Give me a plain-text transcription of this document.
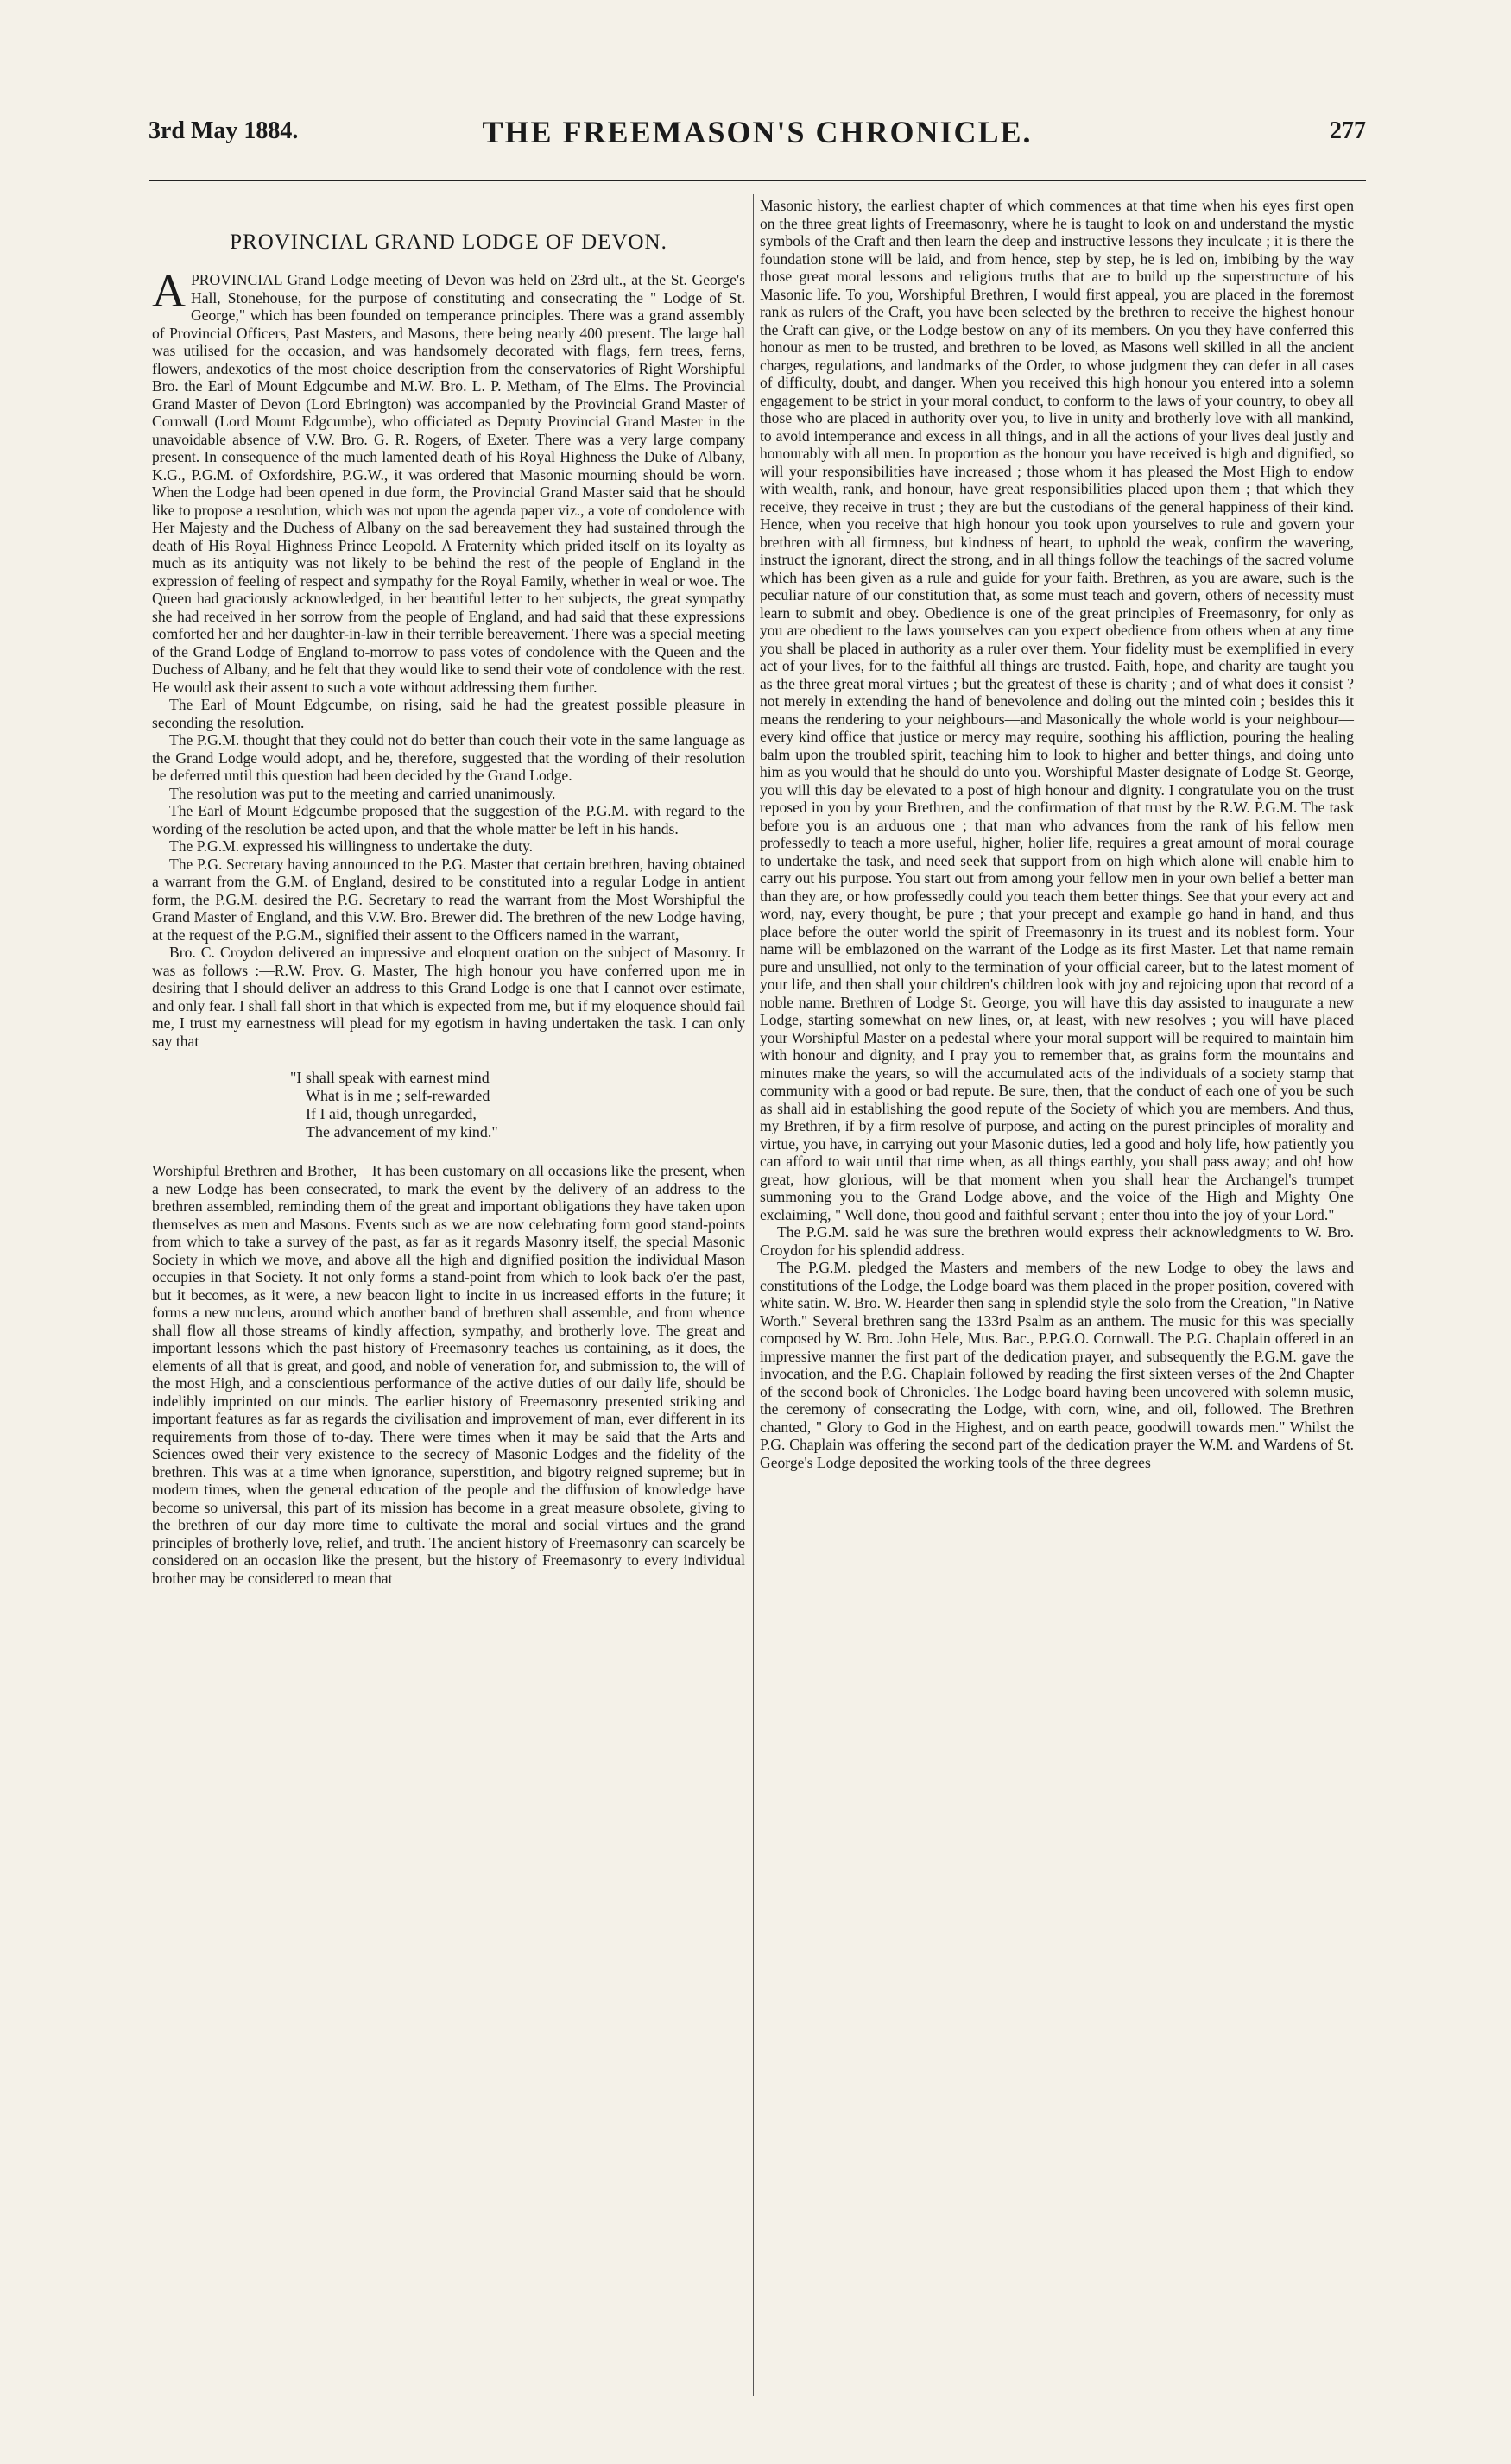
3rd May 1884.	THE FREEMASON'S CHRONICLE.	277
PROVINCIAL GRAND LODGE OF DEVON.

A PROVINCIAL Grand Lodge meeting of Devon was held on 23rd ult., at the St. George's Hall, Stonehouse, for the purpose of constituting and consecrating the " Lodge of St. George," which has been founded on temperance principles. There was a grand assembly of Provincial Officers, Past Masters, and Masons, there being nearly 400 present. The large hall was utilised for the occasion, and was handsomely decorated with flags, fern trees, ferns, flowers, andexotics of the most choice description from the conservatories of Right Worshipful Bro. the Earl of Mount Edgcumbe and M.W. Bro. L. P. Metham, of The Elms. The Provincial Grand Master of Devon (Lord Ebrington) was accompanied by the Provincial Grand Master of Cornwall (Lord Mount Edgcumbe), who officiated as Deputy Provincial Grand Master in the unavoidable absence of V.W. Bro. G. R. Rogers, of Exeter. There was a very large company present. In consequence of the much lamented death of his Royal Highness the Duke of Albany, K.G., P.G.M. of Oxfordshire, P.G.W., it was ordered that Masonic mourning should be worn. When the Lodge had been opened in due form, the Provincial Grand Master said that he should like to propose a resolution, which was not upon the agenda paper viz., a vote of condolence with Her Majesty and the Duchess of Albany on the sad bereavement they had sustained through the death of His Royal Highness Prince Leopold. A Fraternity which prided itself on its loyalty as much as its antiquity was not likely to be behind the rest of the people of England in the expression of feeling of respect and sympathy for the Royal Family, whether in weal or woe. The Queen had graciously acknowledged, in her beautiful letter to her subjects, the great sympathy she had received in her sorrow from the people of England, and had said that these expressions comforted her and her daughter-in-law in their terrible bereavement. There was a special meeting of the Grand Lodge of England to-morrow to pass votes of condolence with the Queen and the Duchess of Albany, and he felt that they would like to send their vote of condolence with the rest. He would ask their assent to such a vote without addressing them further.

The Earl of Mount Edgcumbe, on rising, said he had the greatest possible pleasure in seconding the resolution.

The P.G.M. thought that they could not do better than couch their vote in the same language as the Grand Lodge would adopt, and he, therefore, suggested that the wording of their resolution be deferred until this question had been decided by the Grand Lodge.

The resolution was put to the meeting and carried unanimously.

The Earl of Mount Edgcumbe proposed that the suggestion of the P.G.M. with regard to the wording of the resolution be acted upon, and that the whole matter be left in his hands.

The P.G.M. expressed his willingness to undertake the duty.

The P.G. Secretary having announced to the P.G. Master that certain brethren, having obtained a warrant from the G.M. of England, desired to be constituted into a regular Lodge in antient form, the P.G.M. desired the P.G. Secretary to read the warrant from the Most Worshipful the Grand Master of England, and this V.W. Bro. Brewer did. The brethren of the new Lodge having, at the request of the P.G.M., signified their assent to the Officers named in the warrant,

Bro. C. Croydon delivered an impressive and eloquent oration on the subject of Masonry. It was as follows :—R.W. Prov. G. Master, The high honour you have conferred upon me in desiring that I should deliver an address to this Grand Lodge is one that I cannot over estimate, and only fear. I shall fall short in that which is expected from me, but if my eloquence should fail me, I trust my earnestness will plead for my egotism in having undertaken the task. I can only say that

"I shall speak with earnest mind
What is in me ; self-rewarded
If I aid, though unregarded,
The advancement of my kind."

Worshipful Brethren and Brother,—It has been customary on all occasions like the present, when a new Lodge has been consecrated, to mark the event by the delivery of an address to the brethren assembled, reminding them of the great and important obligations they have taken upon themselves as men and Masons. Events such as we are now celebrating form good stand-points from which to take a survey of the past, as far as it regards Masonry itself, the special Masonic Society in which we move, and above all the high and dignified position the individual Mason occupies in that Society. It not only forms a stand-point from which to look back o'er the past, but it becomes, as it were, a new beacon light to incite in us increased efforts in the future; it forms a new nucleus, around which another band of brethren shall assemble, and from whence shall flow all those streams of kindly affection, sympathy, and brotherly love. The great and important lessons which the past history of Freemasonry teaches us containing, as it does, the elements of all that is great, and good, and noble of veneration for, and submission to, the will of the most High, and a conscientious performance of the active duties of our daily life, should be indelibly imprinted on our minds. The earlier history of Freemasonry presented striking and important features as far as regards the civilisation and improvement of man, ever different in its requirements from those of to-day. There were times when it may be said that the Arts and Sciences owed their very existence to the secrecy of Masonic Lodges and the fidelity of the brethren. This was at a time when ignorance, superstition, and bigotry reigned supreme; but in modern times, when the general education of the people and the diffusion of knowledge have become so universal, this part of its mission has become in a great measure obsolete, giving to the brethren of our day more time to cultivate the moral and social virtues and the grand principles of brotherly love, relief, and truth. The ancient history of Freemasonry can scarcely be considered on an occasion like the present, but the history of Freemasonry to every individual brother may be considered to mean that

Masonic history, the earliest chapter of which commences at that time when his eyes first open on the three great lights of Freemasonry, where he is taught to look on and understand the mystic symbols of the Craft and then learn the deep and instructive lessons they inculcate ; it is there the foundation stone will be laid, and from hence, step by step, he is led on, imbibing by the way those great moral lessons and religious truths that are to build up the superstructure of his Masonic life. To you, Worshipful Brethren, I would first appeal, you are placed in the foremost rank as rulers of the Craft, you have been selected by the brethren to receive the highest honour the Craft can give, or the Lodge bestow on any of its members. On you they have conferred this honour as men to be trusted, and brethren to be loved, as Masons well skilled in all the ancient charges, regulations, and landmarks of the Order, to whose judgment they can defer in all cases of difficulty, doubt, and danger. When you received this high honour you entered into a solemn engagement to be strict in your moral conduct, to conform to the laws of your country, to obey all those who are placed in authority over you, to live in unity and brotherly love with all mankind, to avoid intemperance and excess in all things, and in all the actions of your lives deal justly and honourably with all men. In proportion as the honour you have received is high and dignified, so will your responsibilities have increased ; those whom it has pleased the Most High to endow with wealth, rank, and honour, have great responsibilities placed upon them ; that which they receive, they receive in trust ; they are but the custodians of the general happiness of their kind. Hence, when you receive that high honour you took upon yourselves to rule and govern your brethren with all firmness, but kindness of heart, to uphold the weak, confirm the wavering, instruct the ignorant, direct the strong, and in all things follow the teachings of the sacred volume which has been given as a rule and guide for your faith. Brethren, as you are aware, such is the peculiar nature of our constitution that, as some must teach and govern, others of necessity must learn to submit and obey. Obedience is one of the great principles of Freemasonry, for only as you are obedient to the laws yourselves can you expect obedience from others when at any time you shall be placed in authority as a ruler over them. Your fidelity must be exemplified in every act of your lives, for to the faithful all things are trusted. Faith, hope, and charity are taught you as the three great moral virtues ; but the greatest of these is charity ; and of what does it consist ? not merely in extending the hand of benevolence and doling out the minted coin ; besides this it means the rendering to your neighbours—and Masonically the whole world is your neighbour—every kind office that justice or mercy may require, soothing his affliction, pouring the healing balm upon the troubled spirit, teaching him to look to higher and better things, and doing unto him as you would that he should do unto you. Worshipful Master designate of Lodge St. George, you will this day be elevated to a post of high honour and dignity. I congratulate you on the trust reposed in you by your Brethren, and the confirmation of that trust by the R.W. P.G.M. The task before you is an arduous one ; that man who advances from the rank of his fellow men professedly to teach a more useful, higher, holier life, requires a great amount of moral courage to undertake the task, and need seek that support from on high which alone will enable him to carry out his purpose. You start out from among your fellow men in your own belief a better man than they are, or how professedly could you teach them better things. See that your every act and word, nay, every thought, be pure ; that your precept and example go hand in hand, and thus place before the outer world the spirit of Freemasonry in its truest and its noblest form. Your name will be emblazoned on the warrant of the Lodge as its first Master. Let that name remain pure and unsullied, not only to the termination of your official career, but to the latest moment of your life, and then shall your children's children look with joy and rejoicing upon that record of a noble name. Brethren of Lodge St. George, you will have this day assisted to inaugurate a new Lodge, starting somewhat on new lines, or, at least, with new resolves ; you will have placed your Worshipful Master on a pedestal where your moral support will be required to maintain him with honour and dignity, and I pray you to remember that, as grains form the mountains and minutes make the years, so will the accumulated acts of the individuals of a society stamp that community with a good or bad repute. Be sure, then, that the conduct of each one of you be such as shall aid in establishing the good repute of the Society of which you are members. And thus, my Brethren, if by a firm resolve of purpose, and acting on the purest principles of morality and virtue, you have, in carrying out your Masonic duties, led a good and holy life, how patiently you can afford to wait until that time when, as all things earthly, you shall pass away; and oh! how great, how glorious, will be that moment when you shall hear the Archangel's trumpet summoning you to the Grand Lodge above, and the voice of the High and Mighty One exclaiming, " Well done, thou good and faithful servant ; enter thou into the joy of your Lord."

The P.G.M. said he was sure the brethren would express their acknowledgments to W. Bro. Croydon for his splendid address.

The P.G.M. pledged the Masters and members of the new Lodge to obey the laws and constitutions of the Lodge, the Lodge board was them placed in the proper position, covered with white satin. W. Bro. W. Hearder then sang in splendid style the solo from the Creation, "In Native Worth." Several brethren sang the 133rd Psalm as an anthem. The music for this was specially composed by W. Bro. John Hele, Mus. Bac., P.P.G.O. Cornwall. The P.G. Chaplain offered in an impressive manner the first part of the dedication prayer, and subsequently the P.G.M. gave the invocation, and the P.G. Chaplain followed by reading the first sixteen verses of the 2nd Chapter of the second book of Chronicles. The Lodge board having been uncovered with solemn music, the ceremony of consecrating the Lodge, with corn, wine, and oil, followed. The Brethren chanted, " Glory to God in the Highest, and on earth peace, goodwill towards men." Whilst the P.G. Chaplain was offering the second part of the dedication prayer the W.M. and Wardens of St. George's Lodge deposited the working tools of the three degrees
